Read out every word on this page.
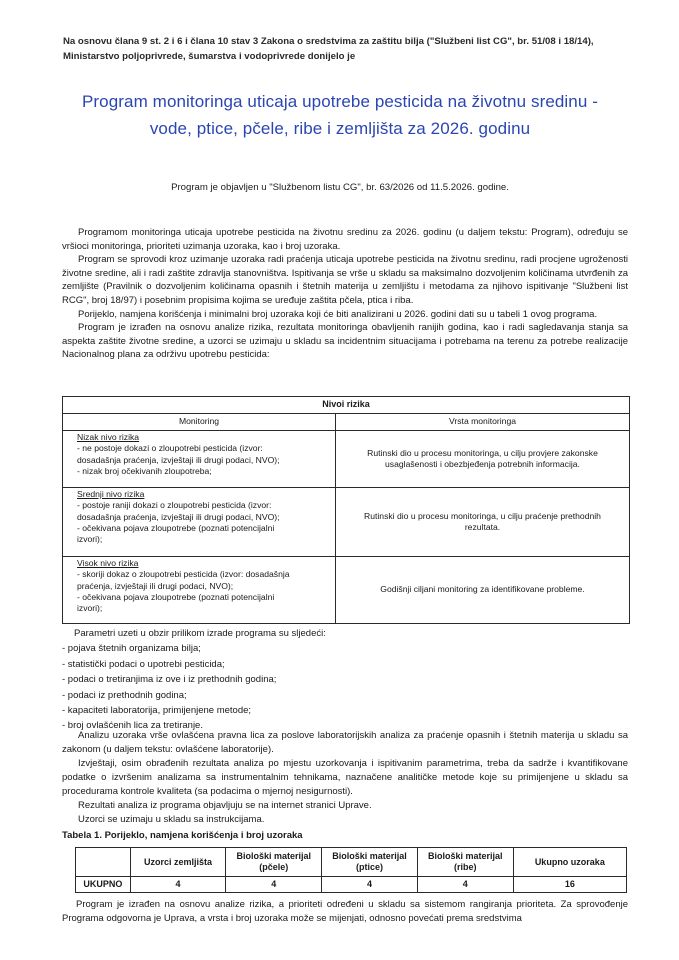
Na osnovu člana 9 st. 2 i 6 i člana 10 stav 3 Zakona o sredstvima za zaštitu bilja ("Službeni list CG", br. 51/08 i 18/14),
Ministarstvo poljoprivrede, šumarstva i vodoprivrede donijelo je
Program monitoringa uticaja upotrebe pesticida na životnu sredinu -
vode, ptice, pčele, ribe i zemljišta za 2026. godinu
Program je objavljen u "Službenom listu CG", br. 63/2026 od 11.5.2026. godine.

Programom monitoringa uticaja upotrebe pesticida na životnu sredinu za 2026. godinu (u daljem tekstu: Program), određuju se vršioci monitoringa, prioriteti uzimanja uzoraka, kao i broj uzoraka.

Program se sprovodi kroz uzimanje uzoraka radi praćenja uticaja upotrebe pesticida na životnu sredinu, radi procjene ugroženosti životne sredine, ali i radi zaštite zdravlja stanovništva. Ispitivanja se vrše u skladu sa maksimalno dozvoljenim količinama utvrđenih za zemljište (Pravilnik o dozvoljenim količinama opasnih i štetnih materija u zemljištu i metodama za njihovo ispitivanje "Službeni list RCG", broj 18/97) i posebnim propisima kojima se uređuje zaštita pčela, ptica i riba.

Porijeklo, namjena korišćenja i minimalni broj uzoraka koji će biti analizirani u 2026. godini dati su u tabeli 1 ovog programa.

Program je izrađen na osnovu analize rizika, rezultata monitoringa obavljenih ranijih godina, kao i radi sagledavanja stanja sa aspekta zaštite životne sredine, a uzorci se uzimaju u skladu sa incidentnim situacijama i potrebama na terenu za potrebe realizacije Nacionalnog plana za održivu upotrebu pesticida:

Nivoi rizika	
Monitoring	Vrsta monitoringa

Nizak nivo rizika
- ne postoje dokazi o zloupotrebi pesticida (izvor:
dosadašnja praćenja, izvještaji ili drugi podaci, NVO);
- nizak broj očekivanih zloupotreba;	Rutinski dio u procesu monitoringa, u cilju provjere zakonske usaglašenosti i obezbjeđenja potrebnih informacija.

Srednji nivo rizika
- postoje raniji dokazi o zloupotrebi pesticida (izvor:
dosadašnja praćenja, izvještaji ili drugi podaci, NVO);
- očekivana pojava zloupotrebe (poznati potencijalni
izvori);	Rutinski dio u procesu monitoringa, u cilju praćenje prethodnih rezultata.

Visok nivo rizika
- skoriji dokaz o zloupotrebi pesticida (izvor: dosadašnja
praćenja, izvještaji ili drugi podaci, NVO);
- očekivana pojava zloupotrebe (poznati potencijalni
izvori);	Godišnji ciljani monitoring za identifikovane probleme.
Parametri uzeti u obzir prilikom izrade programa su sljedeći:
- pojava štetnih organizama bilja;
- statistički podaci o upotrebi pesticida;
- podaci o tretiranjima iz ove i iz prethodnih godina;
- podaci iz prethodnih godina;
- kapaciteti laboratorija, primijenjene metode;
- broj ovlašćenih lica za tretiranje.

Analizu uzoraka vrše ovlašćena pravna lica za poslove laboratorijskih analiza za praćenje opasnih i štetnih materija u skladu sa zakonom (u daljem tekstu: ovlašćene laboratorije).

Izvještaji, osim obrađenih rezultata analiza po mjestu uzorkovanja i ispitivanim parametrima, treba da sadrže i kvantifikovane podatke o izvršenim analizama sa instrumentalnim tehnikama, naznačene analitičke metode koje su primijenjene u skladu sa procedurama kontrole kvaliteta (sa podacima o mjernoj nesigurnosti).

Rezultati analiza iz programa objavljuju se na internet stranici Uprave.

Uzorci se uzimaju u skladu sa instrukcijama.

Tabela 1. Porijeklo, namjena korišćenja i broj uzoraka
	Uzorci zemljišta	Biološki materijal (pčele)	Biološki materijal (ptice)	Biološki materijal (ribe)	Ukupno uzoraka
UKUPNO	4	4	4	4	16
Program je izrađen na osnovu analize rizika, a prioriteti određeni u skladu sa sistemom rangiranja prioriteta. Za sprovođenje Programa odgovorna je Uprava, a vrsta i broj uzoraka može se mijenjati, odnosno povećati prema sredstvima
